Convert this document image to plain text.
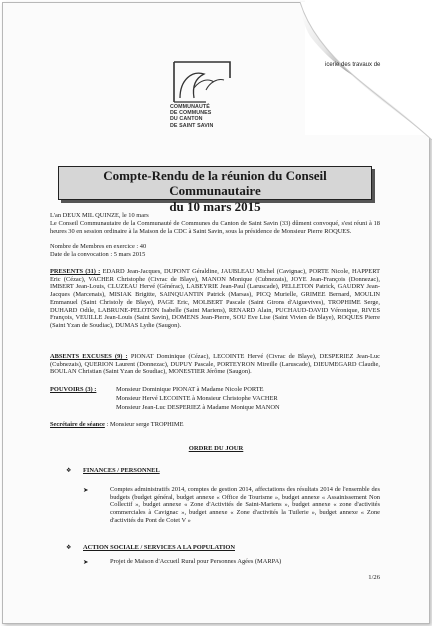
icerie des travaux de
COMMUNAUTÉ
DE COMMUNES
DU CANTON
DE SAINT SAVIN
Compte-Rendu de la réunion du Conseil Communautaire
du 10 mars 2015
L'an DEUX MIL QUINZE, le 10 mars
Le Conseil Communautaire de la Communauté de Communes du Canton de Saint Savin (33) dûment convoqué, s'est réuni à 18 heures 30 en session ordinaire à la Maison de la CDC à Saint Savin, sous la présidence de Monsieur Pierre ROQUES.
Nombre de Membres en exercice : 40
Date de la convocation : 5 mars 2015
PRESENTS (31) : EDARD Jean-Jacques, DUPONT Géraldine, JAUBLEAU Michel (Cavignac), PORTE Nicole, HAPPERT Eric (Cézac), VACHER Christophe (Civrac de Blaye), MANON Monique (Cubnezais), JOYE Jean-François (Donnezac), IMBERT Jean-Louis, CLUZEAU Hervé (Générac), LABEYRIE Jean-Paul (Laruscade), PELLETON Patrick, GAUDRY Jean-Jacques (Marcenais), MISIAK Brigitte, SAINQUANTIN Patrick (Marsas), PICQ Murielle, GRIMEE Bernard, MOULIN Emmanuel (Saint Christoly de Blaye), PAGE Eric, MOLBERT Pascale (Saint Girons d'Aiguevives), TROPHIME Serge, DUHARD Odile, LABRUNE-PELOTON Isabelle (Saint Mariens), RENARD Alain, PUCHAUD-DAVID Véronique, RIVES François, VEUILLE Jean-Louis (Saint Savin), DOMENS Jean-Pierre, SOU Eve Lise (Saint Vivien de Blaye), ROQUES Pierre (Saint Yzan de Soudiac), DUMAS Lydie (Saugon).
ABSENTS EXCUSES (9) : PIONAT Dominique (Cézac), LECOINTE Hervé (Civrac de Blaye), DESPERIEZ Jean-Luc (Cubnezais), QUERION Laurent (Donnezac), DUPUY Pascale, PORTEYRON Mireille (Laruscade), DIEUMEGARD Claudie, BOULAN Christian (Saint Yzan de Soudiac), MONESTIER Jérôme (Saugon).
POUVOIRS (3) :	Monsieur Dominique PIONAT à Madame Nicole PORTE
Monsieur Hervé LECOINTE à Monsieur Christophe VACHER
Monsieur Jean-Luc DESPERIEZ à Madame Monique MANON
Secrétaire de séance : Monsieur serge TROPHIME
ORDRE DU JOUR
❖ FINANCES / PERSONNEL
➤	Comptes administratifs 2014, comptes de gestion 2014, affectations des résultats 2014 de l'ensemble des budgets (budget général, budget annexe « Office de Tourisme », budget annexe « Assainissement Non Collectif », budget annexe « Zone d'Activités de Saint-Mariens », budget annexe « zone d'activités commerciales à Cavignac », budget annexe « Zone d'activités la Tuilerie », budget annexe « Zone d'activités du Pont de Cotet V »
❖ ACTION SOCIALE / SERVICES A LA POPULATION
➤	Projet de Maison d'Accueil Rural pour Personnes Agées (MARPA)
1/26
